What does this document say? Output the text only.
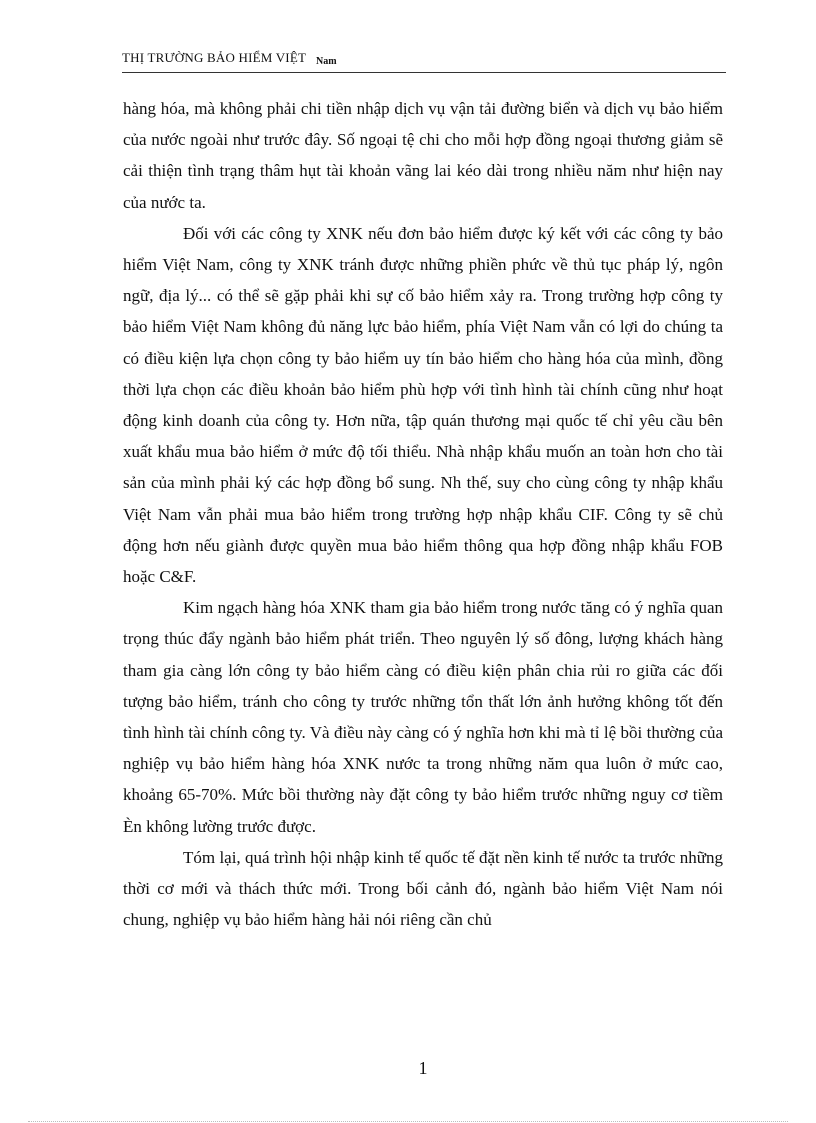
THỊ TRƯỜNG BẢO HIỂM VIỆT Nam

hàng hóa, mà không phải chi tiền nhập dịch vụ vận tải đường biển và dịch vụ bảo hiểm của nước ngoài như trước đây. Số ngoại tệ chi cho mỗi hợp đồng ngoại thương giảm sẽ cải thiện tình trạng thâm hụt tài khoản vãng lai kéo dài trong nhiều năm như hiện nay của nước ta.

Đối với các công ty XNK nếu đơn bảo hiểm được ký kết với các công ty bảo hiểm Việt Nam, công ty XNK tránh được những phiền phức về thủ tục pháp lý, ngôn ngữ, địa lý... có thể sẽ gặp phải khi sự cố bảo hiểm xảy ra. Trong trường hợp công ty bảo hiểm Việt Nam không đủ năng lực bảo hiểm, phía Việt Nam vẫn có lợi do chúng ta có điều kiện lựa chọn công ty bảo hiểm uy tín bảo hiểm cho hàng hóa của mình, đồng thời lựa chọn các điều khoản bảo hiểm phù hợp với tình hình tài chính cũng như hoạt động kinh doanh của công ty. Hơn nữa, tập quán thương mại quốc tế chỉ yêu cầu bên xuất khẩu mua bảo hiểm ở mức độ tối thiểu. Nhà nhập khẩu muốn an toàn hơn cho tài sản của mình phải ký các hợp đồng bổ sung. Nh thế, suy cho cùng công ty nhập khẩu Việt Nam vẫn phải mua bảo hiểm trong trường hợp nhập khẩu CIF. Công ty sẽ chủ động hơn nếu giành được quyền mua bảo hiểm thông qua hợp đồng nhập khẩu FOB hoặc C&F.

Kim ngạch hàng hóa XNK tham gia bảo hiểm trong nước tăng có ý nghĩa quan trọng thúc đẩy ngành bảo hiểm phát triển. Theo nguyên lý số đông, lượng khách hàng tham gia càng lớn công ty bảo hiểm càng có điều kiện phân chia rủi ro giữa các đối tượng bảo hiểm, tránh cho công ty trước những tổn thất lớn ảnh hưởng không tốt đến tình hình tài chính công ty. Và điều này càng có ý nghĩa hơn khi mà tỉ lệ bồi thường của nghiệp vụ bảo hiểm hàng hóa XNK nước ta trong những năm qua luôn ở mức cao, khoảng 65-70%. Mức bồi thường này đặt công ty bảo hiểm trước những nguy cơ tiềm Èn không lường trước được.

Tóm lại, quá trình hội nhập kinh tế quốc tế đặt nền kinh tế nước ta trước những thời cơ mới và thách thức mới. Trong bối cảnh đó, ngành bảo hiểm Việt Nam nói chung, nghiệp vụ bảo hiểm hàng hải nói riêng cần chủ

1
